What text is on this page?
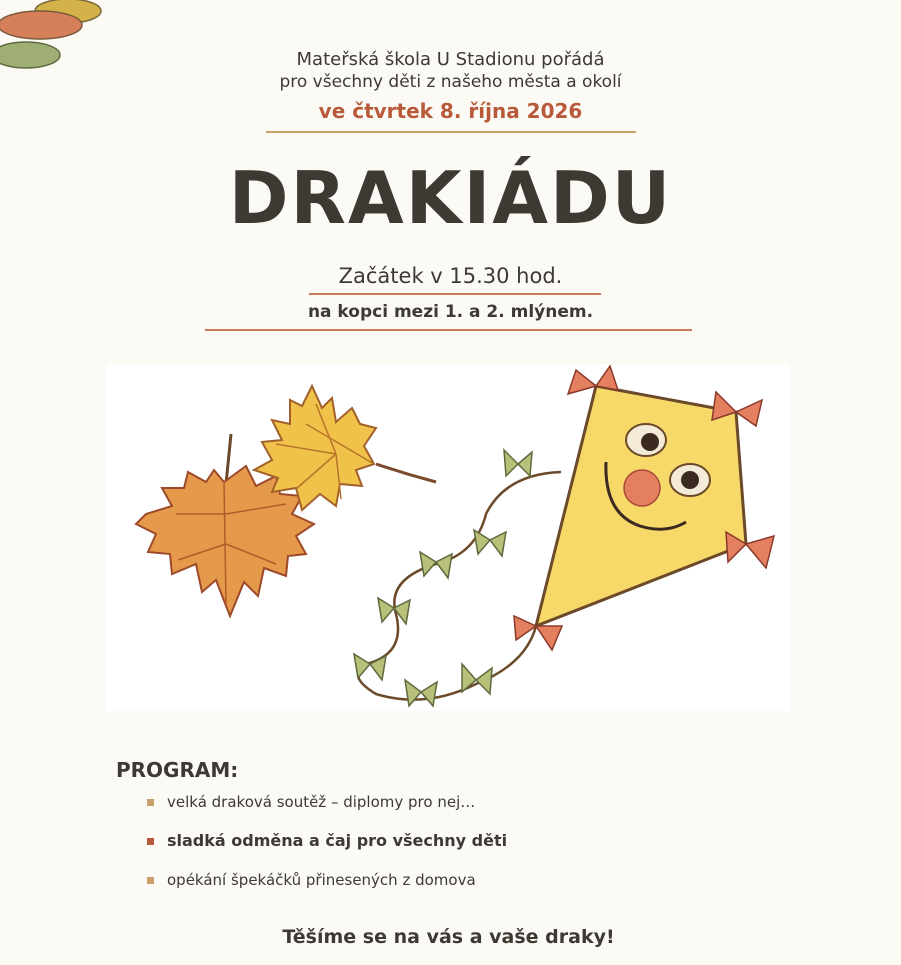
Mateřská škola U Stadionu pořádá
pro všechny děti z našeho města a okolí
ve čtvrtek 8. října 2026
DRAKIÁDU
Začátek v 15.30 hod.
na kopci mezi 1. a 2. mlýnem.
PROGRAM:
velká draková soutěž – diplomy pro nej…
sladká odměna a čaj pro všechny děti
opékání špekáčků přinesených z domova
Těšíme se na vás a vaše draky!
